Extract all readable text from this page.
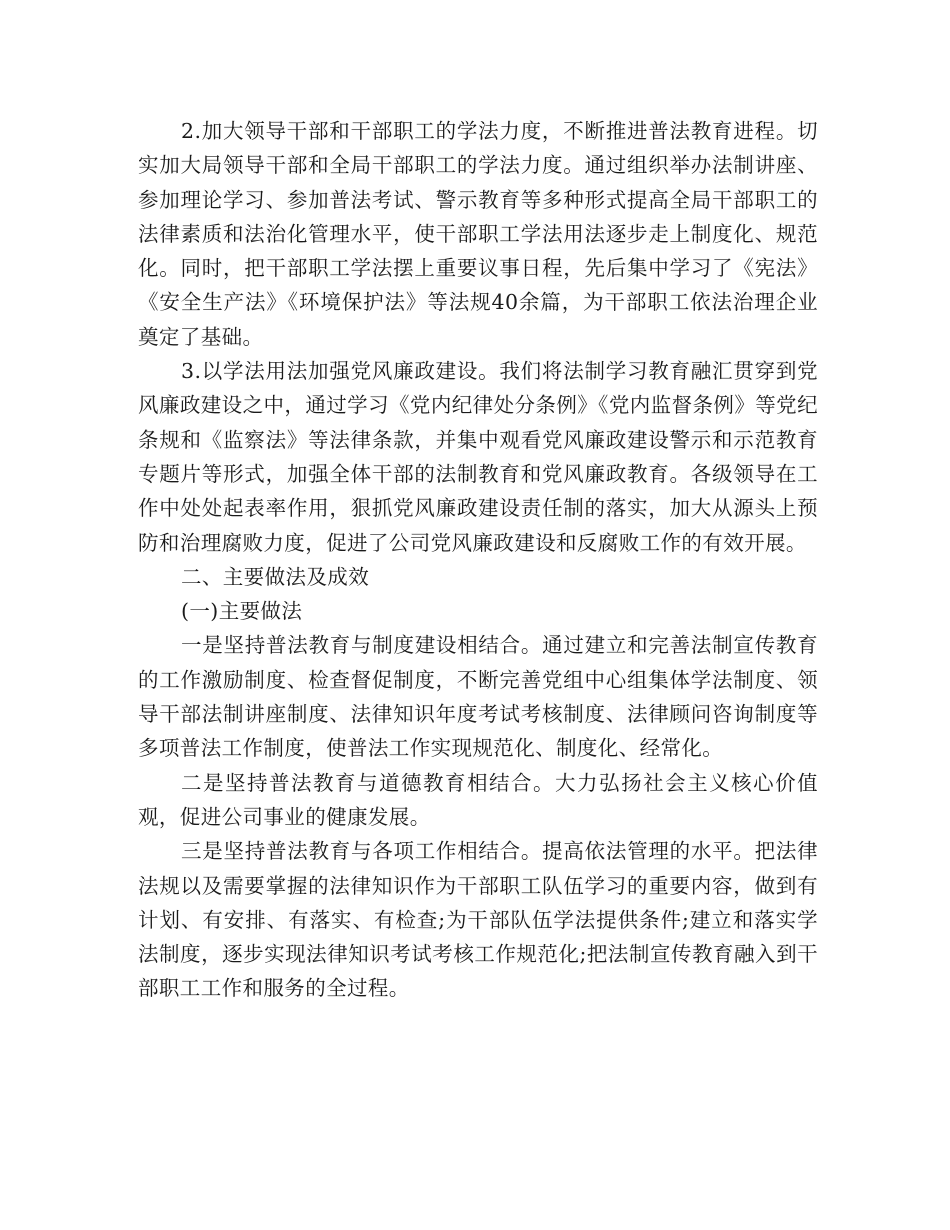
2.加大领导干部和干部职工的学法力度，不断推进普法教育进程。切实加大局领导干部和全局干部职工的学法力度。通过组织举办法制讲座、参加理论学习、参加普法考试、警示教育等多种形式提高全局干部职工的法律素质和法治化管理水平，使干部职工学法用法逐步走上制度化、规范化。同时，把干部职工学法摆上重要议事日程，先后集中学习了《宪法》《安全生产法》《环境保护法》等法规40余篇，为干部职工依法治理企业奠定了基础。

3.以学法用法加强党风廉政建设。我们将法制学习教育融汇贯穿到党风廉政建设之中，通过学习《党内纪律处分条例》《党内监督条例》等党纪条规和《监察法》等法律条款，并集中观看党风廉政建设警示和示范教育专题片等形式，加强全体干部的法制教育和党风廉政教育。各级领导在工作中处处起表率作用，狠抓党风廉政建设责任制的落实，加大从源头上预防和治理腐败力度，促进了公司党风廉政建设和反腐败工作的有效开展。

二、主要做法及成效

(一)主要做法

一是坚持普法教育与制度建设相结合。通过建立和完善法制宣传教育的工作激励制度、检查督促制度，不断完善党组中心组集体学法制度、领导干部法制讲座制度、法律知识年度考试考核制度、法律顾问咨询制度等多项普法工作制度，使普法工作实现规范化、制度化、经常化。

二是坚持普法教育与道德教育相结合。大力弘扬社会主义核心价值观，促进公司事业的健康发展。

三是坚持普法教育与各项工作相结合。提高依法管理的水平。把法律法规以及需要掌握的法律知识作为干部职工队伍学习的重要内容，做到有计划、有安排、有落实、有检查;为干部队伍学法提供条件;建立和落实学法制度，逐步实现法律知识考试考核工作规范化;把法制宣传教育融入到干部职工工作和服务的全过程。
